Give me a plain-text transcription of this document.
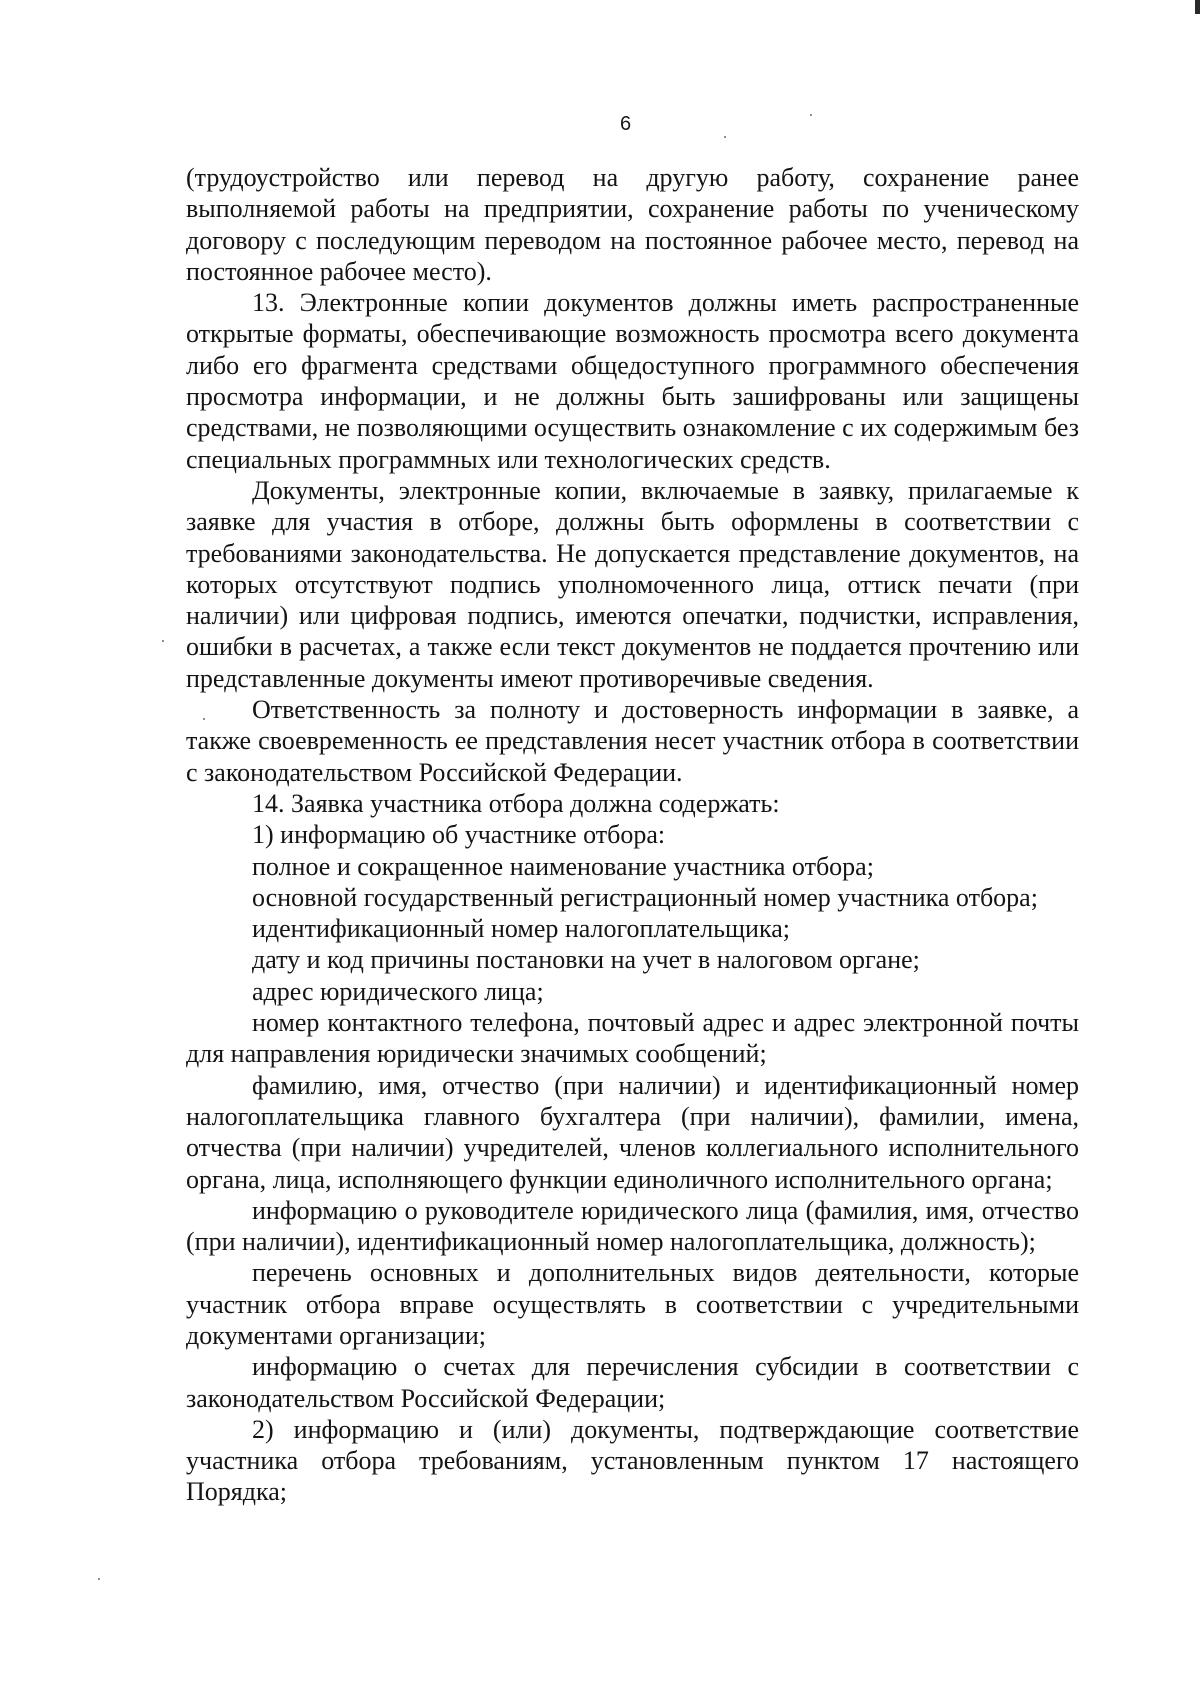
6

(трудоустройство или перевод на другую работу, сохранение ранее выполняемой работы на предприятии, сохранение работы по ученическому договору с последующим переводом на постоянное рабочее место, перевод на постоянное рабочее место).

13. Электронные копии документов должны иметь распространенные открытые форматы, обеспечивающие возможность просмотра всего документа либо его фрагмента средствами общедоступного программного обеспечения просмотра информации, и не должны быть зашифрованы или защищены средствами, не позволяющими осуществить ознакомление с их содержимым без специальных программных или технологических средств.

Документы, электронные копии, включаемые в заявку, прилагаемые к заявке для участия в отборе, должны быть оформлены в соответствии с требованиями законодательства. Не допускается представление документов, на которых отсутствуют подпись уполномоченного лица, оттиск печати (при наличии) или цифровая подпись, имеются опечатки, подчистки, исправления, ошибки в расчетах, а также если текст документов не поддается прочтению или представленные документы имеют противоречивые сведения.

Ответственность за полноту и достоверность информации в заявке, а также своевременность ее представления несет участник отбора в соответствии с законодательством Российской Федерации.

14. Заявка участника отбора должна содержать:

1) информацию об участнике отбора:

полное и сокращенное наименование участника отбора;

основной государственный регистрационный номер участника отбора;

идентификационный номер налогоплательщика;

дату и код причины постановки на учет в налоговом органе;

адрес юридического лица;

номер контактного телефона, почтовый адрес и адрес электронной почты для направления юридически значимых сообщений;

фамилию, имя, отчество (при наличии) и идентификационный номер налогоплательщика главного бухгалтера (при наличии), фамилии, имена, отчества (при наличии) учредителей, членов коллегиального исполнительного органа, лица, исполняющего функции единоличного исполнительного органа;

информацию о руководителе юридического лица (фамилия, имя, отчество (при наличии), идентификационный номер налогоплательщика, должность);

перечень основных и дополнительных видов деятельности, которые участник отбора вправе осуществлять в соответствии с учредительными документами организации;

информацию о счетах для перечисления субсидии в соответствии с законодательством Российской Федерации;

2) информацию и (или) документы, подтверждающие соответствие участника отбора требованиям, установленным пунктом 17 настоящего Порядка;
